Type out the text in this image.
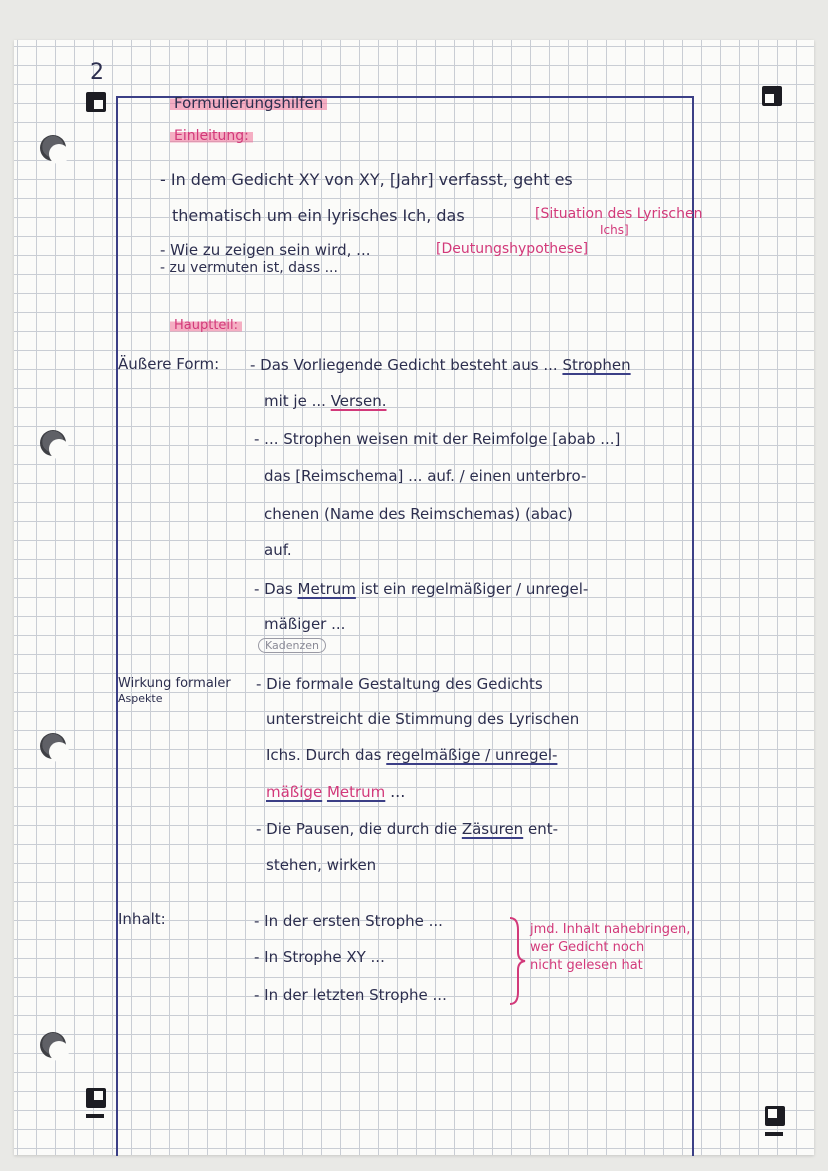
2
Formulierungshilfen
Einleitung:
- In dem Gedicht XY von XY, [Jahr] verfasst, geht es
thematisch um ein lyrisches Ich, das	[Situation des Lyrischen
Ichs]
- Wie zu zeigen sein wird, ...	[Deutungshypothese]
- zu vermuten ist, dass ...
Hauptteil:
Äußere Form: - Das Vorliegende Gedicht besteht aus ... Strophen
mit je ... Versen.
- ... Strophen weisen mit der Reimfolge [abab ...]
das [Reimschema] ... auf. / einen unterbro-
chenen (Name des Reimschemas) (abac)
auf.
- Das Metrum ist ein regelmäßiger / unregel-
mäßiger ...
Kadenzen
Wirkung formaler
Aspekte
- Die formale Gestaltung des Gedichts
unterstreicht die Stimmung des Lyrischen
Ichs. Durch das regelmäßige / unregel-
mäßige Metrum ...
- Die Pausen, die durch die Zäsuren ent-
stehen, wirken
Inhalt:	- In der ersten Strophe ...
- In Strophe XY ...
- In der letzten Strophe ...
jmd. Inhalt nahebringen,
wer Gedicht noch
nicht gelesen hat
